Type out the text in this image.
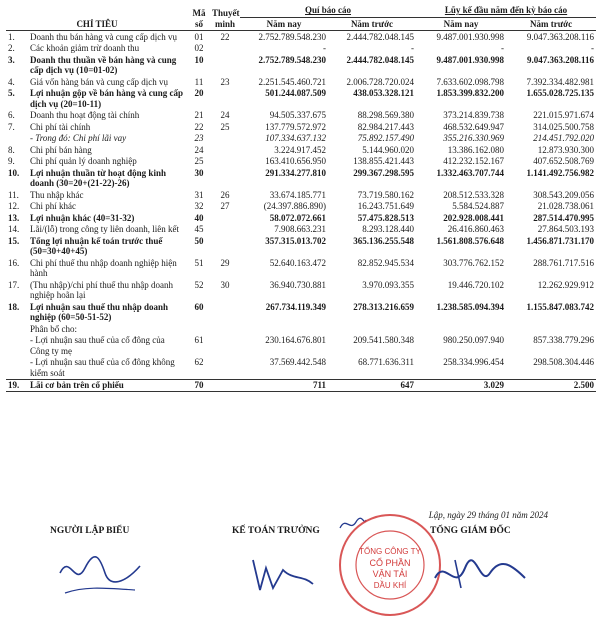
CHỈ TIÊU	Mã số	Thuyết minh	Quí báo cáo		Lũy kế đầu năm đến kỳ báo cáo	
			Năm nay	Năm trước	Năm nay	Năm trước

1. Doanh thu bán hàng và cung cấp dịch vụ	01	22	2.752.789.548.230	2.444.782.048.145	9.487.001.930.998	9.047.363.208.116

2. Các khoản giảm trừ doanh thu	02		-	-	-	-

3. Doanh thu thuần về bán hàng và cung cấp dịch vụ (10=01-02)	10		2.752.789.548.230	2.444.782.048.145	9.487.001.930.998	9.047.363.208.116

4. Giá vốn hàng bán và cung cấp dịch vụ	11	23	2.251.545.460.721	2.006.728.720.024	7.633.602.098.798	7.392.334.482.981

5. Lợi nhuận gộp về bán hàng và cung cấp dịch vụ (20=10-11)	20		501.244.087.509	438.053.328.121	1.853.399.832.200	1.655.028.725.135

6. Doanh thu hoạt động tài chính	21	24	94.505.337.675	88.298.569.380	373.214.839.738	221.015.971.674

7. Chi phí tài chính	22	25	137.779.572.972	82.984.217.443	468.532.649.947	314.025.500.758

- Trong đó: Chi phí lãi vay	23		107.334.637.132	75.892.157.490	355.216.330.969	214.451.792.020

8. Chi phí bán hàng	24		3.224.917.452	5.144.960.020	13.386.162.080	12.873.930.300

9. Chi phí quản lý doanh nghiệp	25		163.410.656.950	138.855.421.443	412.232.152.167	407.652.508.769

10. Lợi nhuận thuần từ hoạt động kinh doanh (30=20+(21-22)-26)	30		291.334.277.810	299.367.298.595	1.332.463.707.744	1.141.492.756.982

11. Thu nhập khác	31	26	33.674.185.771	73.719.580.162	208.512.533.328	308.543.209.056

12. Chi phí khác	32	27	(24.397.886.890)	16.243.751.649	5.584.524.887	21.028.738.061

13. Lợi nhuận khác (40=31-32)	40		58.072.072.661	57.475.828.513	202.928.008.441	287.514.470.995

14. Lãi/(lỗ) trong công ty liên doanh, liên kết	45		7.908.663.231	8.293.128.440	26.416.860.463	27.864.503.193

15. Tổng lợi nhuận kế toán trước thuế (50=30+40+45)	50		357.315.013.702	365.136.255.548	1.561.808.576.648	1.456.871.731.170

16. Chi phí thuế thu nhập doanh nghiệp hiện hành	51	29	52.640.163.472	82.852.945.534	303.776.762.152	288.761.717.516

17. (Thu nhập)/chi phí thuế thu nhập doanh nghiệp hoãn lại	52	30	36.940.730.881	3.970.093.355	19.446.720.102	12.262.929.912

18. Lợi nhuận sau thuế thu nhập doanh nghiệp (60=50-51-52)	60		267.734.119.349	278.313.216.659	1.238.585.094.394	1.155.847.083.742

Phân bổ cho:						

- Lợi nhuận sau thuế của cổ đông của Công ty mẹ	61		230.164.676.801	209.541.580.348	980.250.097.940	857.338.779.296

- Lợi nhuận sau thuế của cổ đông không kiểm soát	62		37.569.442.548	68.771.636.311	258.334.996.454	298.508.304.446

19. Lãi cơ bản trên cổ phiếu	70		711	647	3.029	2.500
Lập, ngày 29 tháng 01 năm 2024
NGƯỜI LẬP BIỂU	KẾ TOÁN TRƯỞNG	TỔNG GIÁM ĐỐC
TỔNG CÔNG TY
CỔ PHẦN
VẬN TẢI
DẦU KHÍ
